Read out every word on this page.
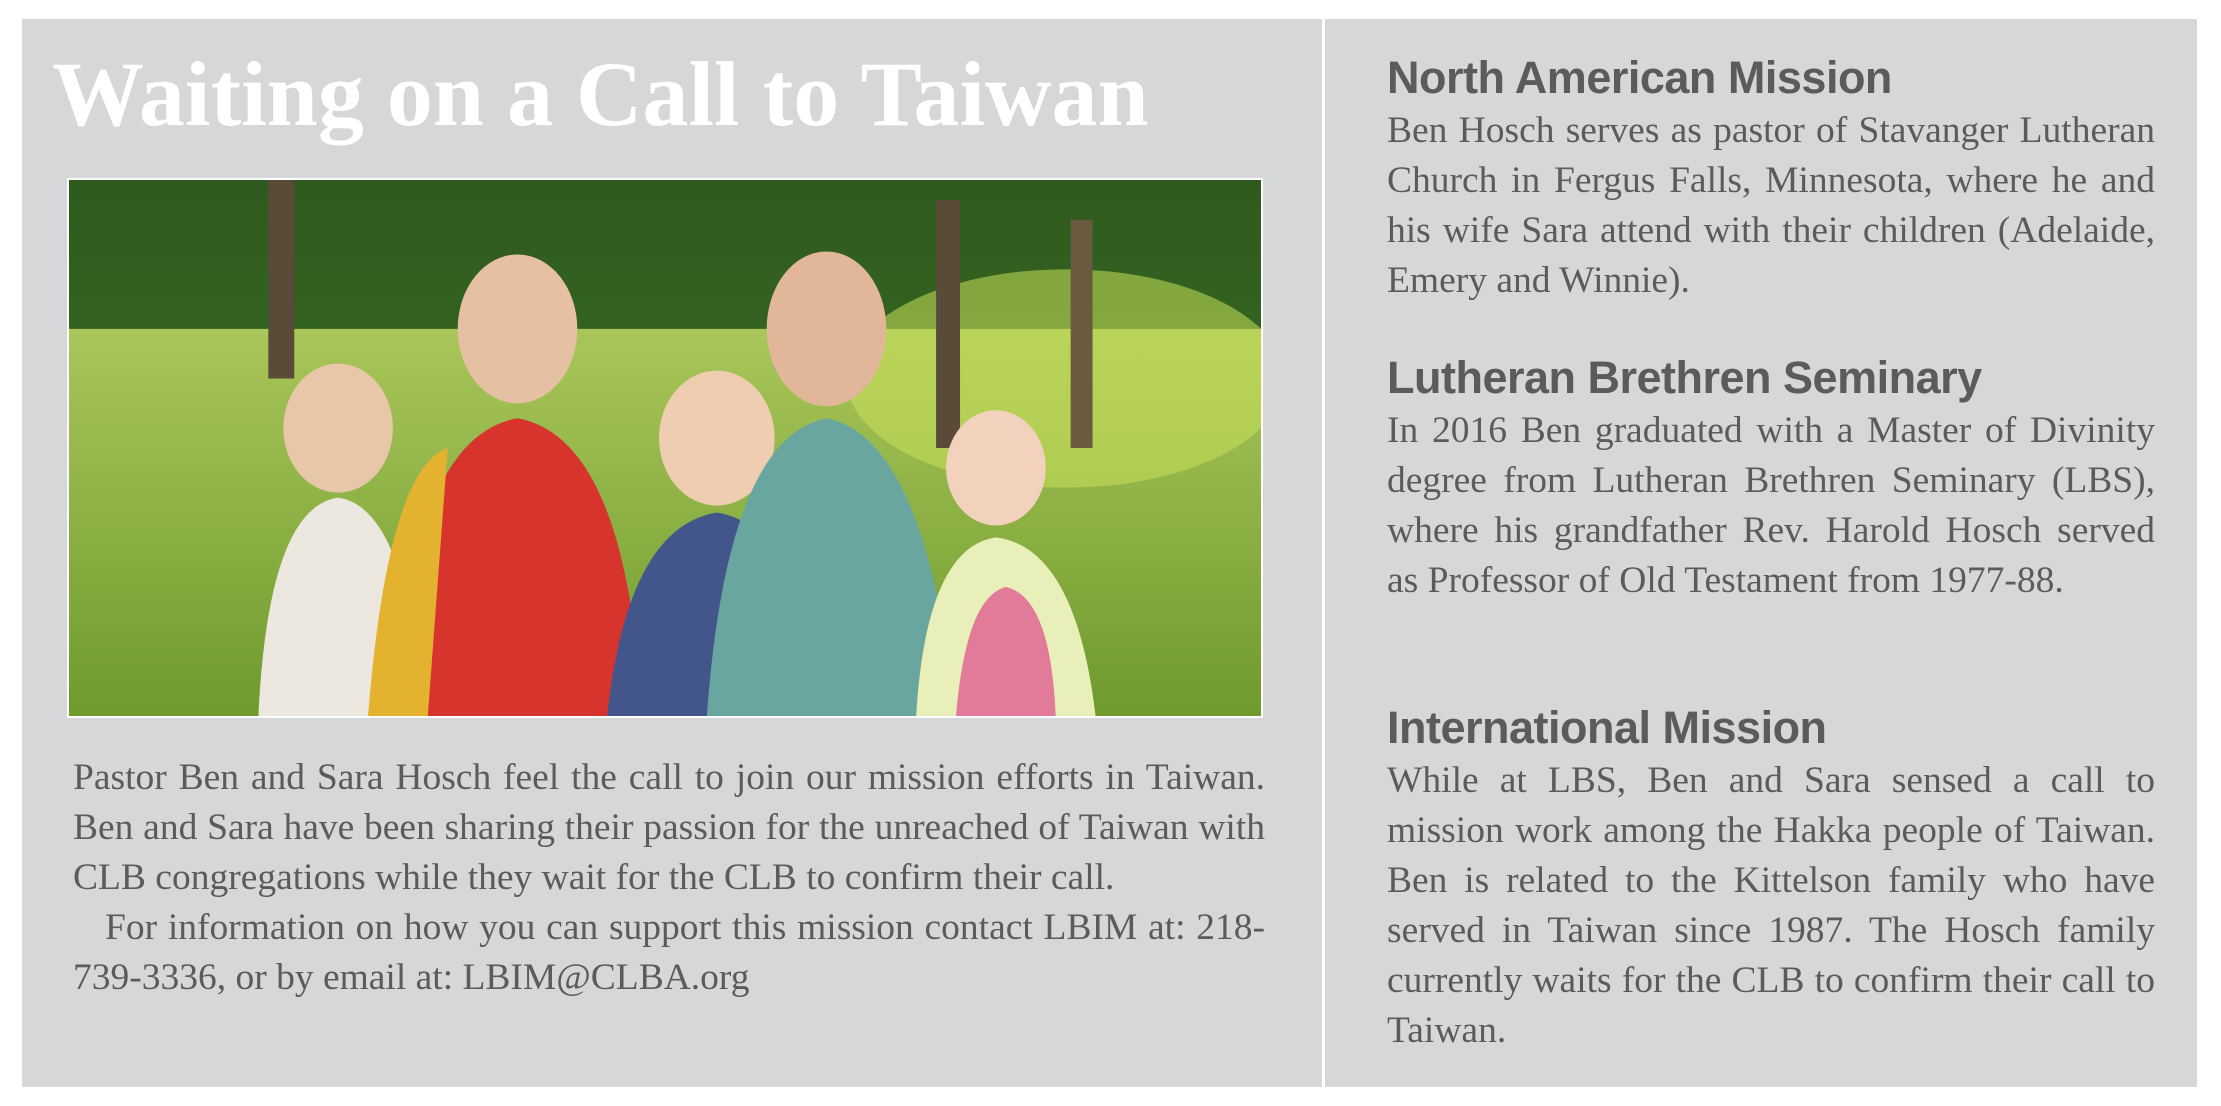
Waiting on a Call to Taiwan

Pastor Ben and Sara Hosch feel the call to join our mission efforts in Taiwan. Ben and Sara have been sharing their passion for the unreached of Taiwan with CLB congregations while they wait for the CLB to confirm their call.

For information on how you can support this mission contact LBIM at: 218-739-3336, or by email at: LBIM@CLBA.org

North American Mission

Ben Hosch serves as pastor of Stavanger Lutheran Church in Fergus Falls, Minnesota, where he and his wife Sara attend with their children (Adelaide, Emery and Winnie).

Lutheran Brethren Seminary

In 2016 Ben graduated with a Master of Divinity degree from Lutheran Brethren Seminary (LBS), where his grandfather Rev. Harold Hosch served as Professor of Old Testament from 1977-88.

International Mission

While at LBS, Ben and Sara sensed a call to mission work among the Hakka people of Taiwan. Ben is related to the Kittelson family who have served in Taiwan since 1987. The Hosch family currently waits for the CLB to confirm their call to Taiwan.
